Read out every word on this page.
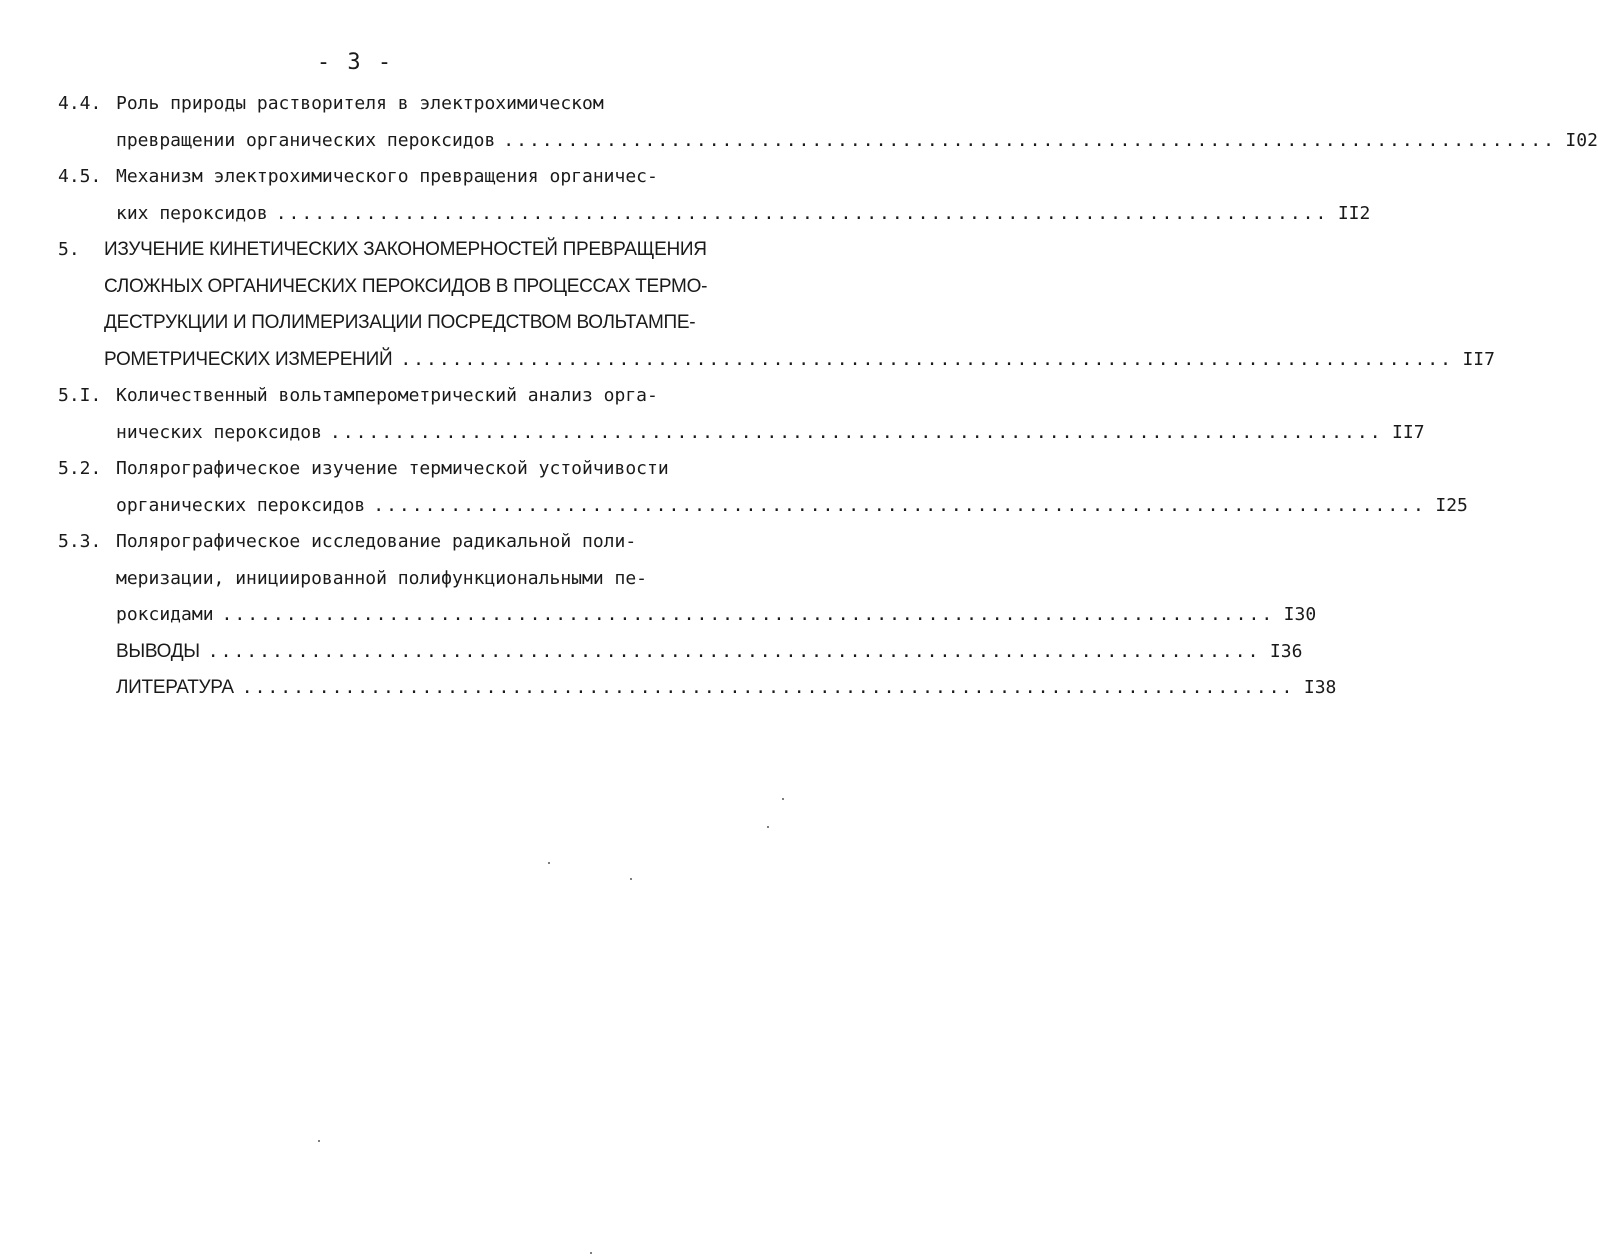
- 3 -
4.4. Роль природы растворителя в электрохимическом
превращении органических пероксидов .................................................................................. I02
4.5. Механизм электрохимического превращения органичес-
ких пероксидов .................................................................................. II2
5.	ИЗУЧЕНИЕ КИНЕТИЧЕСКИХ ЗАКОНОМЕРНОСТЕЙ ПРЕВРАЩЕНИЯ
СЛОЖНЫХ ОРГАНИЧЕСКИХ ПЕРОКСИДОВ В ПРОЦЕССАХ ТЕРМО-
ДЕСТРУКЦИИ И ПОЛИМЕРИЗАЦИИ ПОСРЕДСТВОМ ВОЛЬТАМПЕ-
РОМЕТРИЧЕСКИХ ИЗМЕРЕНИЙ .................................................................................. II7
5.I. Количественный вольтамперометрический анализ орга-
нических пероксидов .................................................................................. II7
5.2. Полярографическое изучение термической устойчивости
органических пероксидов .................................................................................. I25
5.3. Полярографическое исследование радикальной поли-
меризации, инициированной полифункциональными пе-
роксидами .................................................................................. I30
ВЫВОДЫ .................................................................................. I36
ЛИТЕРАТУРА .................................................................................. I38
